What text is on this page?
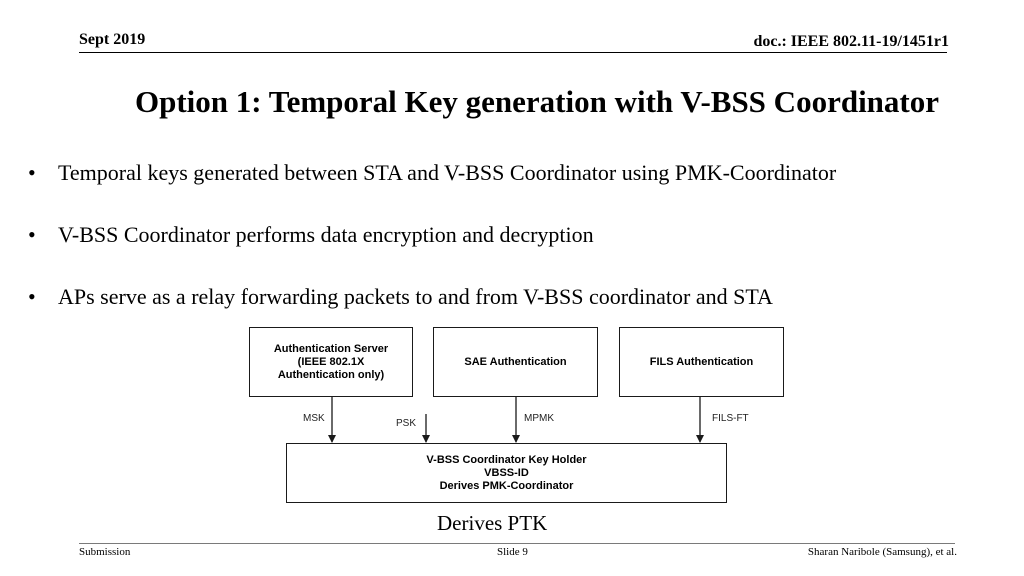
Sept 2019	doc.: IEEE 802.11-19/1451r1
Option 1: Temporal Key generation with V-BSS Coordinator
• Temporal keys generated between STA and V-BSS Coordinator using PMK-Coordinator
• V-BSS Coordinator performs data encryption and decryption
• APs serve as a relay forwarding packets to and from V-BSS coordinator and STA
Authentication Server
(IEEE 802.1X
Authentication only)
SAE Authentication	FILS Authentication
V-BSS Coordinator Key Holder
VBSS-ID
Derives PMK-Coordinator
MSK	PSK	MPMK	FILS-FT
Derives PTK
Submission	Slide 9	Sharan Naribole (Samsung), et al.
